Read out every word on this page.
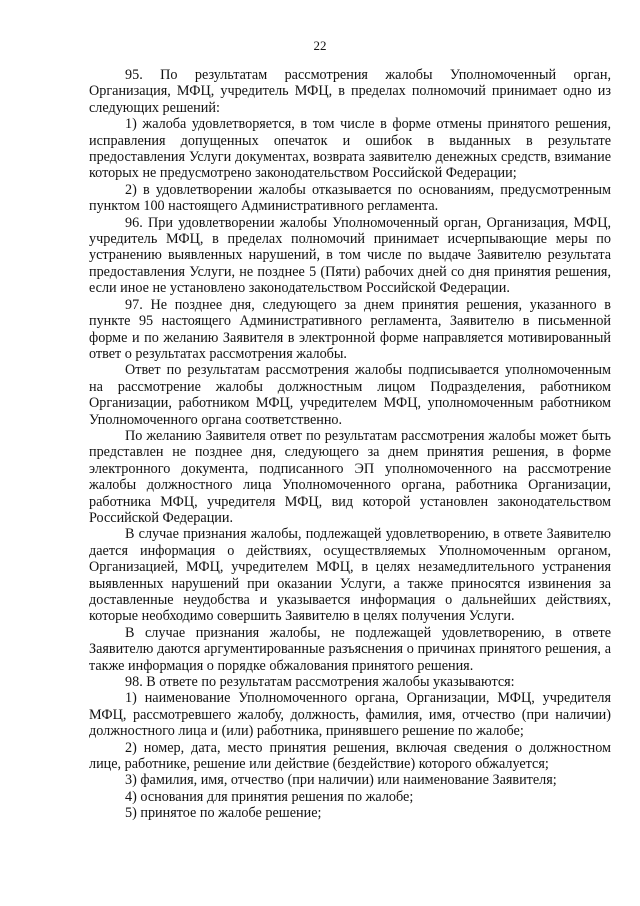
22

95. По результатам рассмотрения жалобы Уполномоченный орган, Организация, МФЦ, учредитель МФЦ, в пределах полномочий принимает одно из следующих решений:

1) жалоба удовлетворяется, в том числе в форме отмены принятого решения, исправления допущенных опечаток и ошибок в выданных в результате предоставления Услуги документах, возврата заявителю денежных средств, взимание которых не предусмотрено законодательством Российской Федерации;

2) в удовлетворении жалобы отказывается по основаниям, предусмотренным пунктом 100 настоящего Административного регламента.

96. При удовлетворении жалобы Уполномоченный орган, Организация, МФЦ, учредитель МФЦ, в пределах полномочий принимает исчерпывающие меры по устранению выявленных нарушений, в том числе по выдаче Заявителю результата предоставления Услуги, не позднее 5 (Пяти) рабочих дней со дня принятия решения, если иное не установлено законодательством Российской Федерации.

97. Не позднее дня, следующего за днем принятия решения, указанного в пункте 95 настоящего Административного регламента, Заявителю в письменной форме и по желанию Заявителя в электронной форме направляется мотивированный ответ о результатах рассмотрения жалобы.

Ответ по результатам рассмотрения жалобы подписывается уполномоченным на рассмотрение жалобы должностным лицом Подразделения, работником Организации, работником МФЦ, учредителем МФЦ, уполномоченным работником Уполномоченного органа соответственно.

По желанию Заявителя ответ по результатам рассмотрения жалобы может быть представлен не позднее дня, следующего за днем принятия решения, в форме электронного документа, подписанного ЭП уполномоченного на рассмотрение жалобы должностного лица Уполномоченного органа, работника Организации, работника МФЦ, учредителя МФЦ, вид которой установлен законодательством Российской Федерации.

В случае признания жалобы, подлежащей удовлетворению, в ответе Заявителю дается информация о действиях, осуществляемых Уполномоченным органом, Организацией, МФЦ, учредителем МФЦ, в целях незамедлительного устранения выявленных нарушений при оказании Услуги, а также приносятся извинения за доставленные неудобства и указывается информация о дальнейших действиях, которые необходимо совершить Заявителю в целях получения Услуги.

В случае признания жалобы, не подлежащей удовлетворению, в ответе Заявителю даются аргументированные разъяснения о причинах принятого решения, а также информация о порядке обжалования принятого решения.

98. В ответе по результатам рассмотрения жалобы указываются:

1) наименование Уполномоченного органа, Организации, МФЦ, учредителя МФЦ, рассмотревшего жалобу, должность, фамилия, имя, отчество (при наличии) должностного лица и (или) работника, принявшего решение по жалобе;

2) номер, дата, место принятия решения, включая сведения о должностном лице, работнике, решение или действие (бездействие) которого обжалуется;

3) фамилия, имя, отчество (при наличии) или наименование Заявителя;

4) основания для принятия решения по жалобе;

5) принятое по жалобе решение;
